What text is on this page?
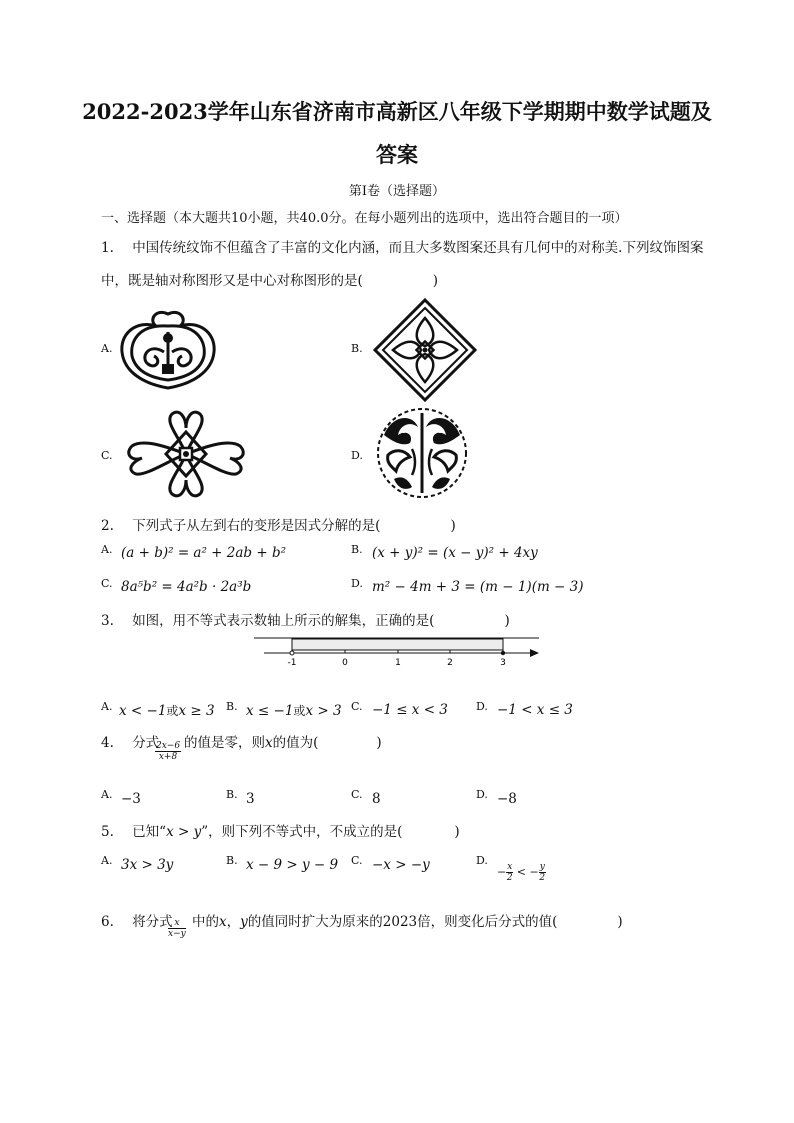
2022-2023学年山东省济南市高新区八年级下学期期中数学试题及
答案
第I卷（选择题）
一、选择题（本大题共10小题，共40.0分。在每小题列出的选项中，选出符合题目的一项）
1. 中国传统纹饰不但蕴含了丰富的文化内涵，而且大多数图案还具有几何中的对称美.下列纹饰图案
中，既是轴对称图形又是中心对称图形的是(	)
A.	B.
C.	D.
2. 下列式子从左到右的变形是因式分解的是(	)
A. (a + b)² = a² + 2ab + b²	B. (x + y)² = (x − y)² + 4xy
C. 8a⁵b² = 4a²b · 2a³b	D. m² − 4m + 3 = (m − 1)(m − 3)
3. 如图，用不等式表示数轴上所示的解集，正确的是(	)
-1	0	1	2	3
A. x < −1或x ≥ 3 B. x ≤ −1或x > 3 C. −1 ≤ x < 3	D. −1 < x ≤ 3
4. 分式
$\frac{2x-6}{x+8}$ 的值是零，则x的值为(	)
A. −3	B. 3	C. 8	D. −8
5. 已知“x > y”，则下列不等式中，不成立的是(	)
A. 3x > 3y	B. x − 9 > y − 9 C. −x > −y	D.
− $\frac{x}{2}$ < − $\frac{y}{2}$
6. 将分式
$\frac{x}{x-y}$ 中的x，y的值同时扩大为原来的2023倍，则变化后分式的值(	)
